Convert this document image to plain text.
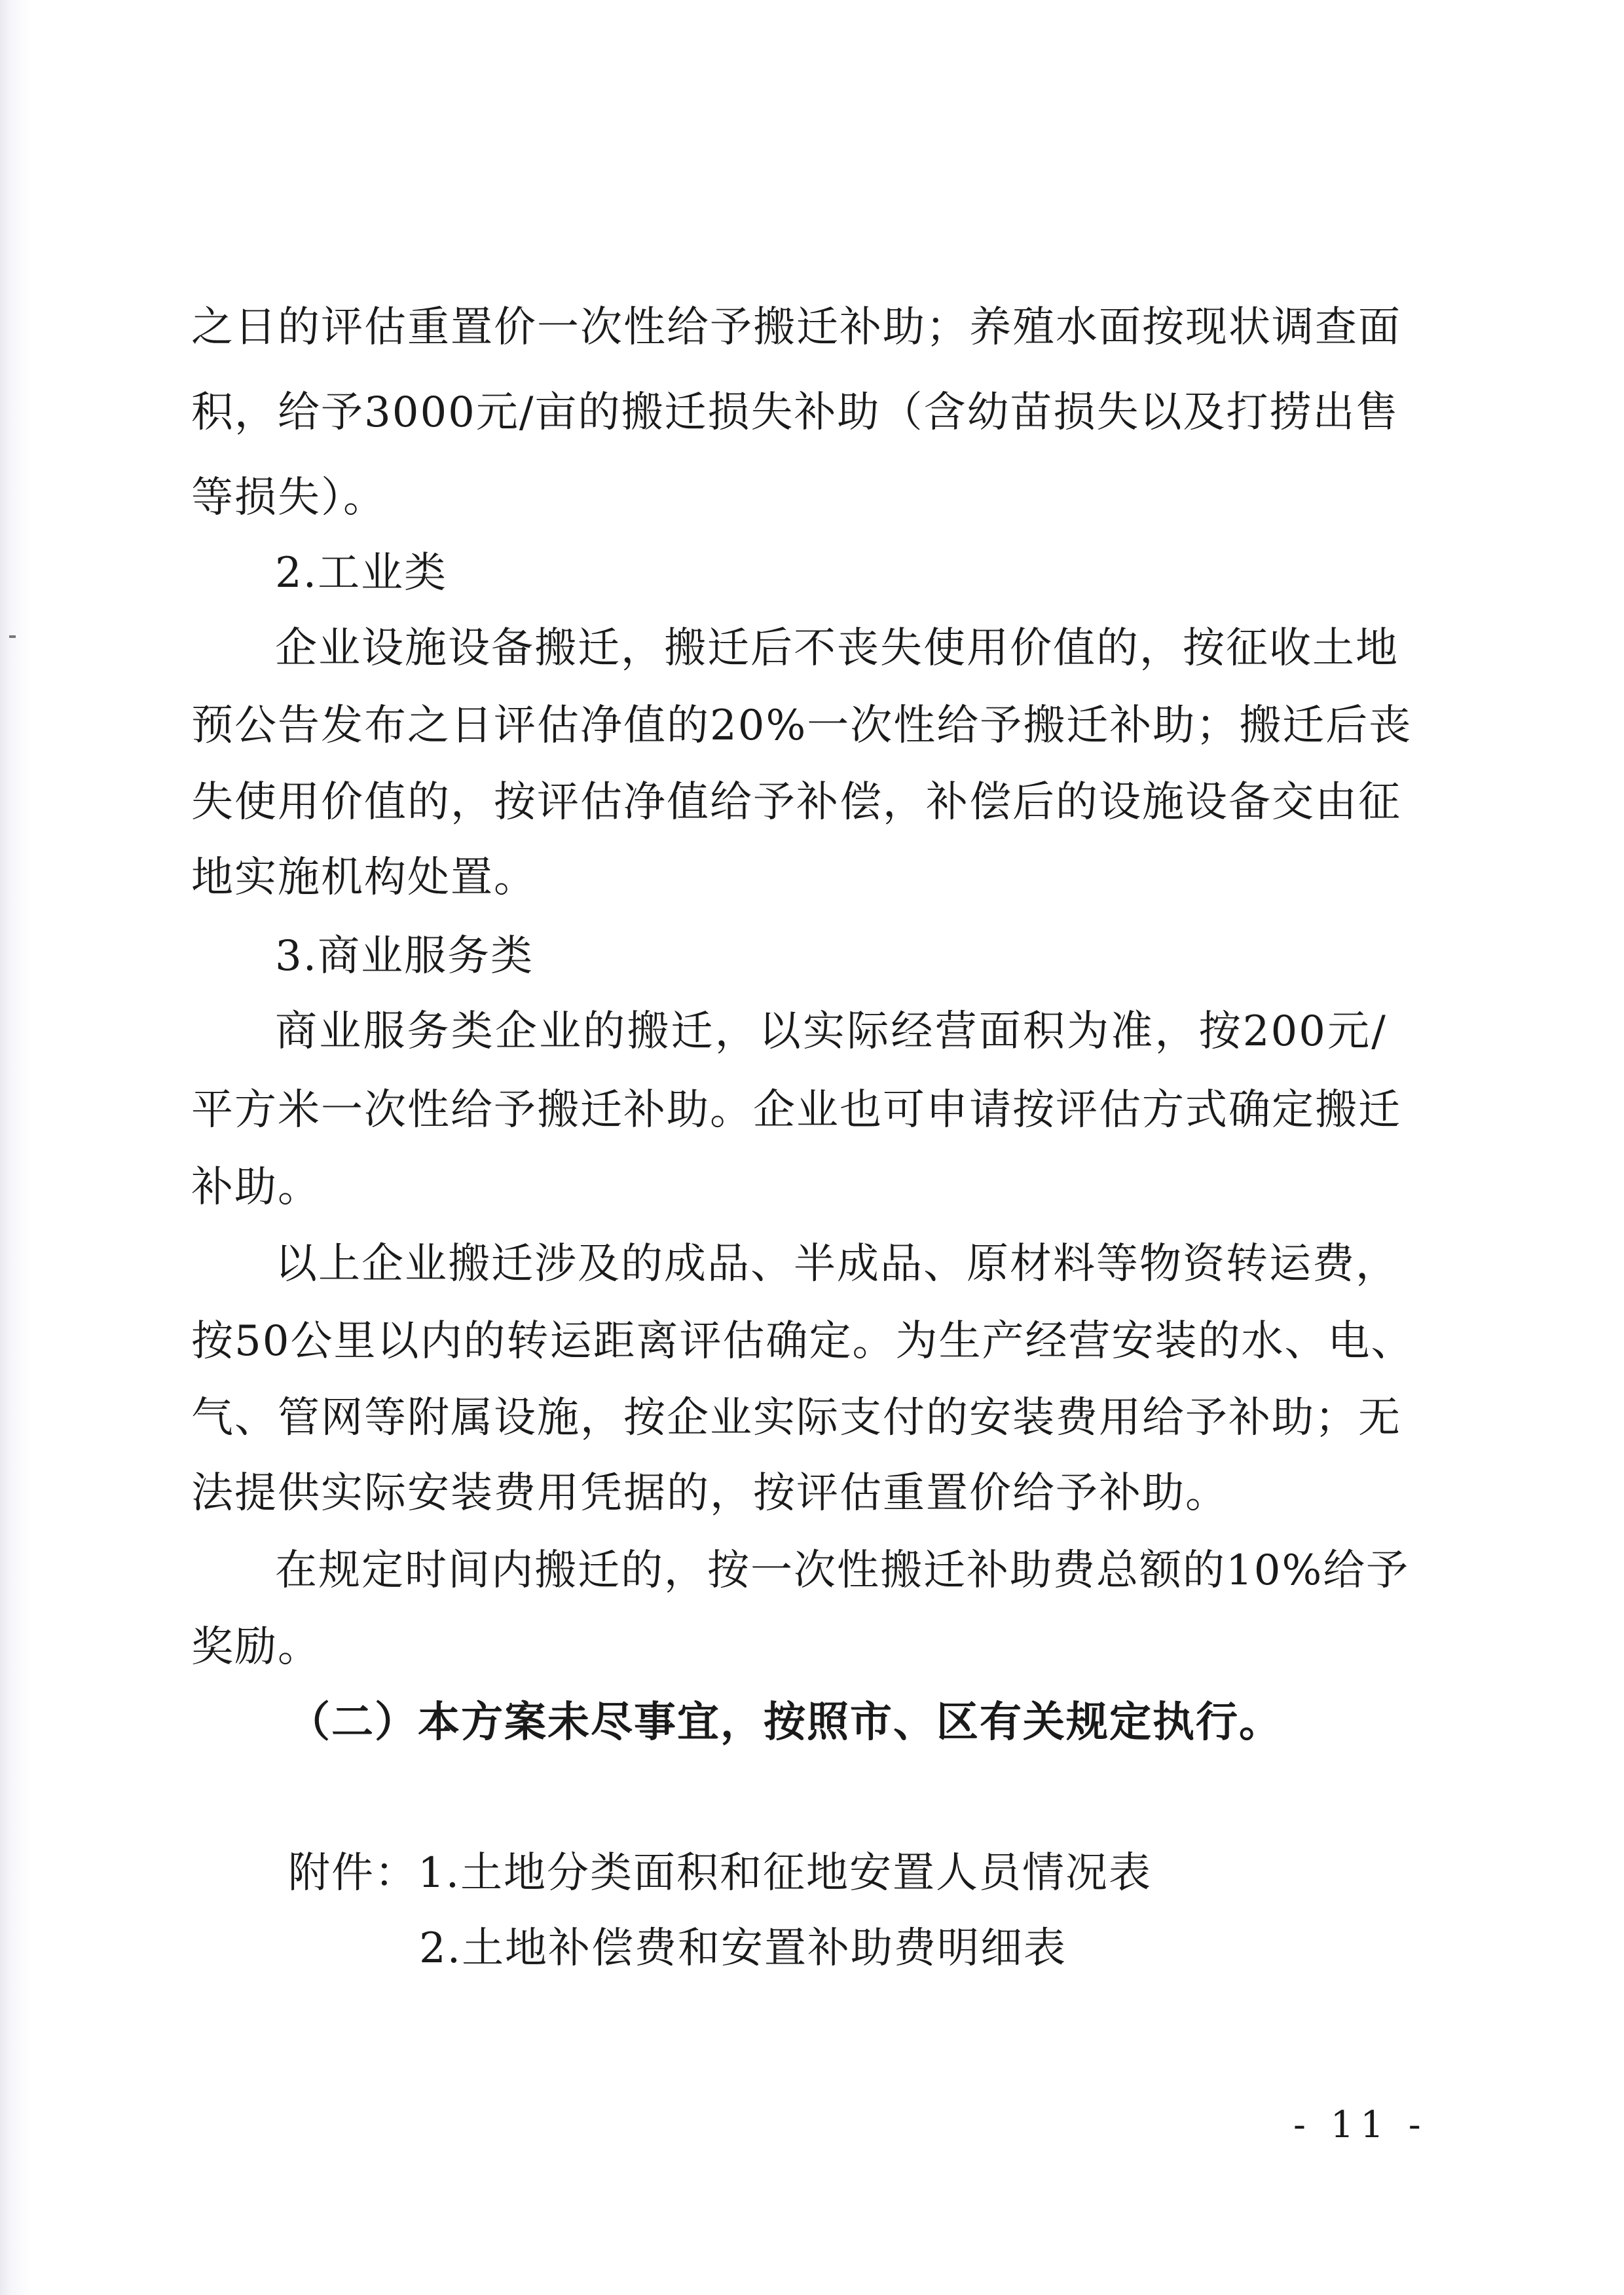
之 日 的 评 估 重 置 价 一 次 性 给 予 搬 迁 补 助 ； 养 殖 水 面 按 现 状 调 查 面

积 ， 给 予 3000 元 / 亩 的 搬 迁 损 失 补 助 （ 含 幼 苗 损 失 以 及 打 捞 出 售

等损失）。

2.工业类

企 业 设 施 设 备 搬 迁 ， 搬 迁 后 不 丧 失 使 用 价 值 的 ， 按 征 收 土 地

预 公 告 发 布 之 日 评 估 净 值 的 20% 一 次 性 给 予 搬 迁 补 助 ； 搬 迁 后 丧

失 使 用 价 值 的 ， 按 评 估 净 值 给 予 补 偿 ， 补 偿 后 的 设 施 设 备 交 由 征

地实施机构处置。

3.商业服务类

商 业 服 务 类 企 业 的 搬 迁 ， 以 实 际 经 营 面 积 为 准 ， 按 200 元 /

平 方 米 一 次 性 给 予 搬 迁 补 助 。 企 业 也 可 申 请 按 评 估 方 式 确 定 搬 迁

补助。

以 上 企 业 搬 迁 涉 及 的 成 品 、 半 成 品 、 原 材 料 等 物 资 转 运 费 ，

按 50 公 里 以 内 的 转 运 距 离 评 估 确 定 。 为 生 产 经 营 安 装 的 水 、 电 、

气 、 管 网 等 附 属 设 施 ， 按 企 业 实 际 支 付 的 安 装 费 用 给 予 补 助 ； 无

法提供实际安装费用凭据的，按评估重置价给予补助。

在 规 定 时 间 内 搬 迁 的 ， 按 一 次 性 搬 迁 补 助 费 总 额 的 10% 给 予

奖励。

（二）本方案未尽事宜，按照市、区有关规定执行。

附件：1.土地分类面积和征地安置人员情况表

2.土地补偿费和安置补助费明细表

- 11 -
